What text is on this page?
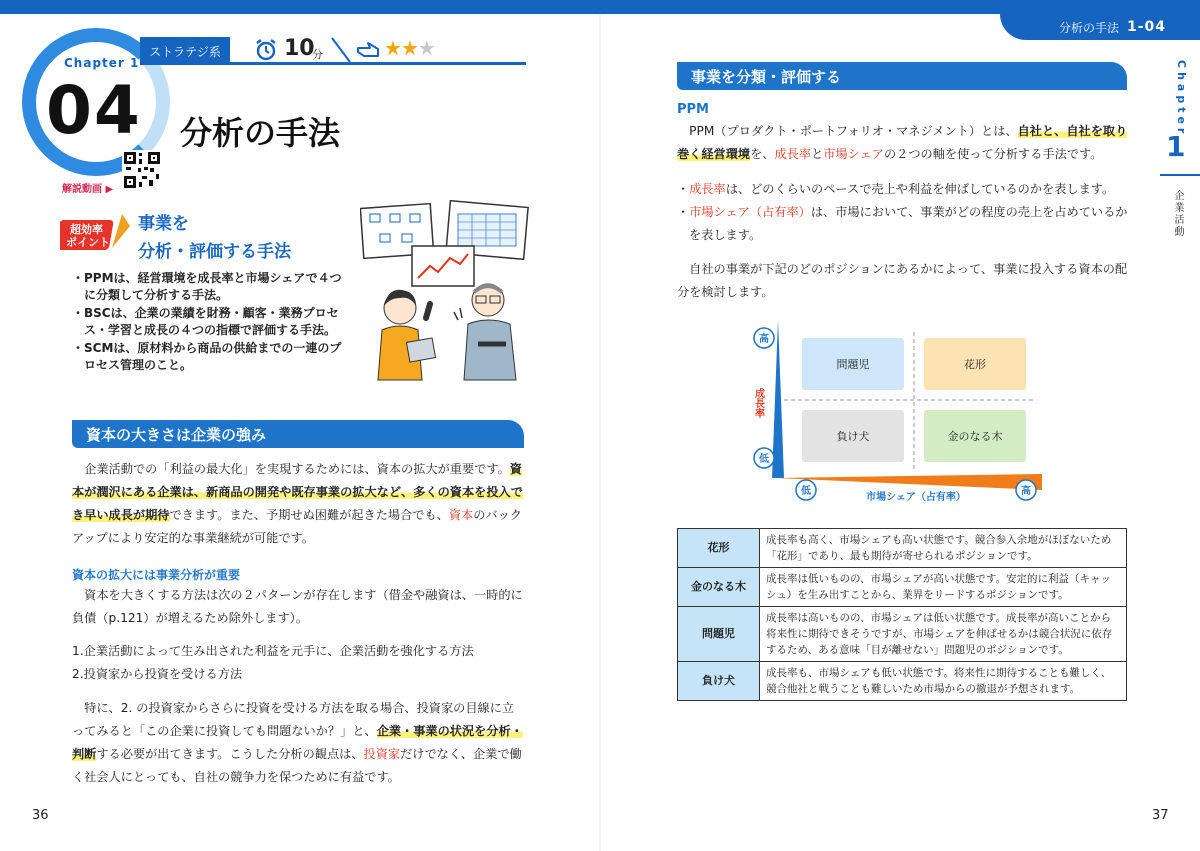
分析の手法 1-04
Chapter 1
04
ストラテジ系	10
分	★★★
分析の手法
解説動画 ▶
超効率
ポイント
事業を
分析・評価する手法
・PPMは、経営環境を成長率と市場シェアで４つに分類して分析する手法。
・BSCは、企業の業績を財務・顧客・業務プロセス・学習と成長の４つの指標で評価する手法。
・SCMは、原材料から商品の供給までの一連のプロセス管理のこと。
資本の大きさは企業の強み
　企業活動での「利益の最大化」を実現するためには、資本の拡大が重要です。資本が潤沢にある企業は、新商品の開発や既存事業の拡大など、多くの資本を投入でき早い成長が期待できます。また、予期せぬ困難が起きた場合でも、資本のバックアップにより安定的な事業継続が可能です。
資本の拡大には事業分析が重要
　資本を大きくする方法は次の２パターンが存在します（借金や融資は、一時的に負債（p.121）が増えるため除外します）。
1.企業活動によって生み出された利益を元手に、企業活動を強化する方法
2.投資家から投資を受ける方法
　特に、2. の投資家からさらに投資を受ける方法を取る場合、投資家の目線に立ってみると「この企業に投資しても問題ないか？」と、企業・事業の状況を分析・判断する必要が出てきます。こうした分析の観点は、投資家だけでなく、企業で働く社会人にとっても、自社の競争力を保つために有益です。
36
事業を分類・評価する
PPM
　PPM（プロダクト・ポートフォリオ・マネジメント）とは、自社と、自社を取り巻く経営環境を、成長率と市場シェアの２つの軸を使って分析する手法です。
・成長率は、どのくらいのペースで売上や利益を伸ばしているのかを表します。
・市場シェア（占有率）は、市場において、事業がどの程度の売上を占めているかを表します。
　自社の事業が下記のどのポジションにあるかによって、事業に投入する資本の配分を検討します。
問題児	花形
負け犬	金のなる木
高
低
成長率
低	高
市場シェア（占有率）
花形	成長率も高く、市場シェアも高い状態です。競合参入余地がほぼないため「花形」であり、最も期待が寄せられるポジションです。
金のなる木	成長率は低いものの、市場シェアが高い状態です。安定的に利益（キャッシュ）を生み出すことから、業界をリードするポジションです。
問題児	成長率は高いものの、市場シェアは低い状態です。成長率が高いことから将来性に期待できそうですが、市場シェアを伸ばせるかは競合状況に依存するため、ある意味「目が離せない」問題児のポジションです。
負け犬	成長率も、市場シェアも低い状態です。将来性に期待することも難しく、競合他社と戦うことも難しいため市場からの撤退が予想されます。
Chapter
1
企業活動
37
